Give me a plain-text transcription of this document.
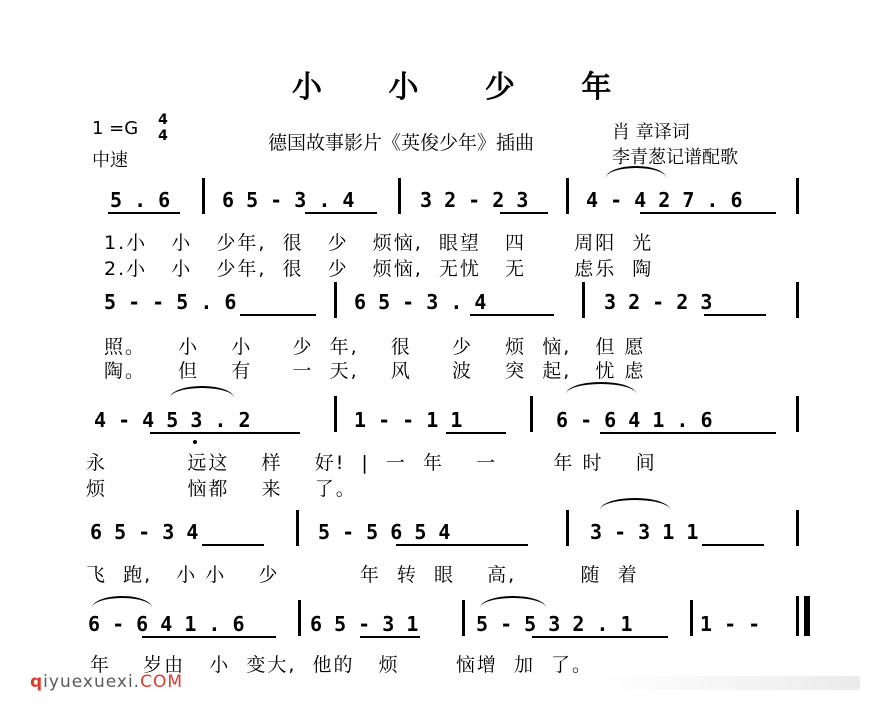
小 小 少 年
1 =G 4
4
中速
德国故事影片《英俊少年》插曲	肖 章译词
李青葱记谱配歌
5 . 6	6 5 - 3 . 4	3 2 - 2 3	4 - 4 2 7 . 6
1.小   小   少年,  很   少   烦恼,  眼望   四      周阳  光
2.小   小   少年,  很   少   烦恼,  无忧   无      虑乐  陶
5 - - 5 . 6	6 5 - 3 . 4	3 2 - 2 3
照。    小    小     少  年,    很     少    烦  恼,   但 愿
陶。    但    有     一  天,    风     波    突  起,   忧 虑
4 - 4 5 3 . 2	1 - - 1 1	6 - 6 4 1 . 6
永          远这    样    好!  |  一  年    一       年 时    间
烦          恼都    来    了。
6 5 - 3 4	5 - 5 6 5 4	3 - 3 1 1
飞  跑,   小 小    少          年  转  眼    高,        随  着
6 - 6 4 1 . 6	6 5 - 3 1	5 - 5 3 2 . 1	1 - -
年    岁由   小  变大,  他的   烦       恼增  加  了。
qiyuexuexi.COM
